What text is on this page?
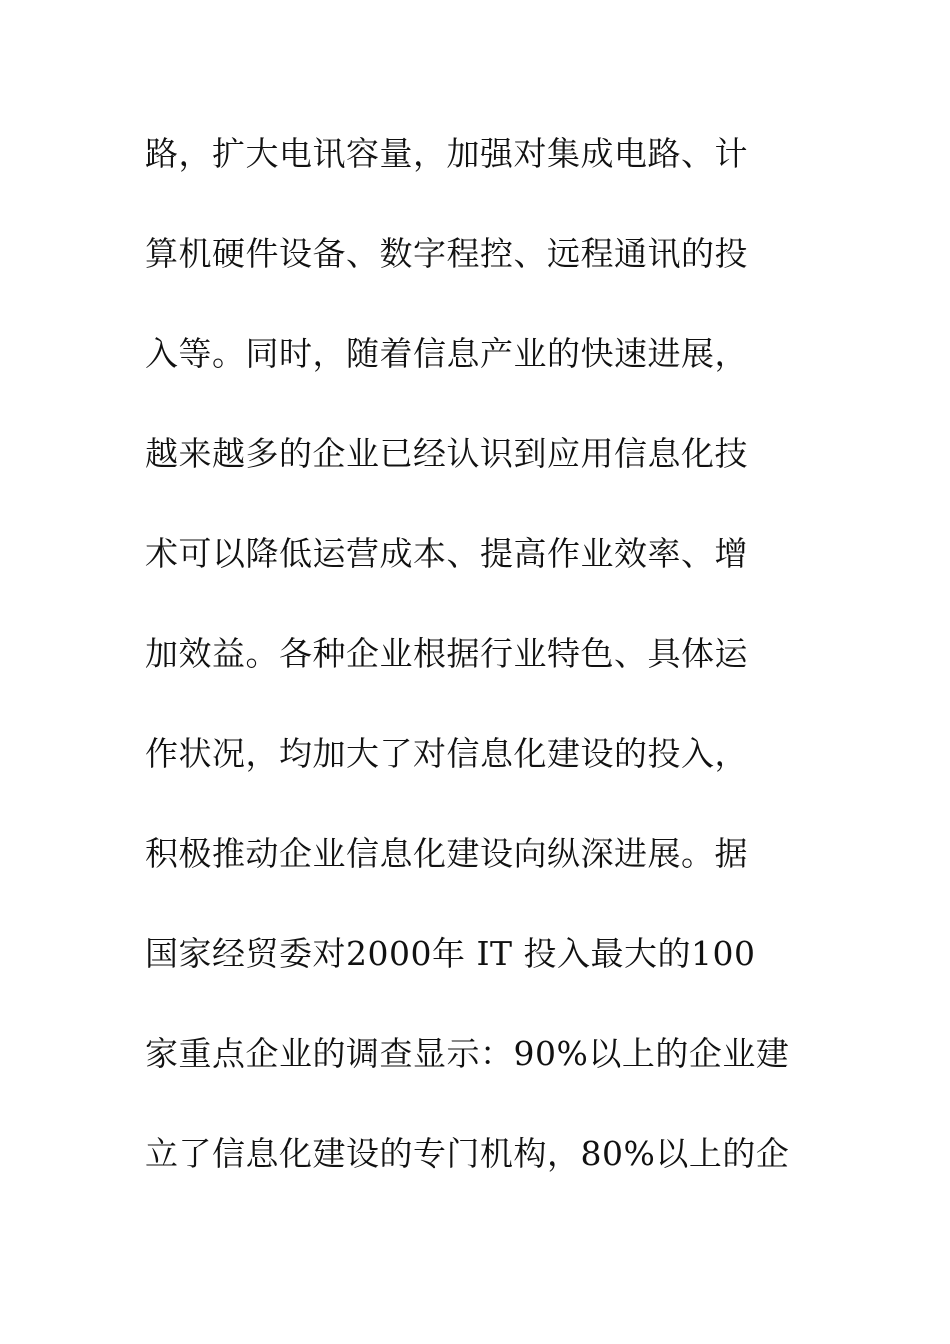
路，扩大电讯容量，加强对集成电路、计
算机硬件设备、数字程控、远程通讯的投
入等。同时，随着信息产业的快速进展，
越来越多的企业已经认识到应用信息化技
术可以降低运营成本、提高作业效率、增
加效益。各种企业根据行业特色、具体运
作状况，均加大了对信息化建设的投入，
积极推动企业信息化建设向纵深进展。据
国家经贸委对2000年 IT 投入最大的100
家重点企业的调查显示：90%以上的企业建
立了信息化建设的专门机构，80%以上的企
